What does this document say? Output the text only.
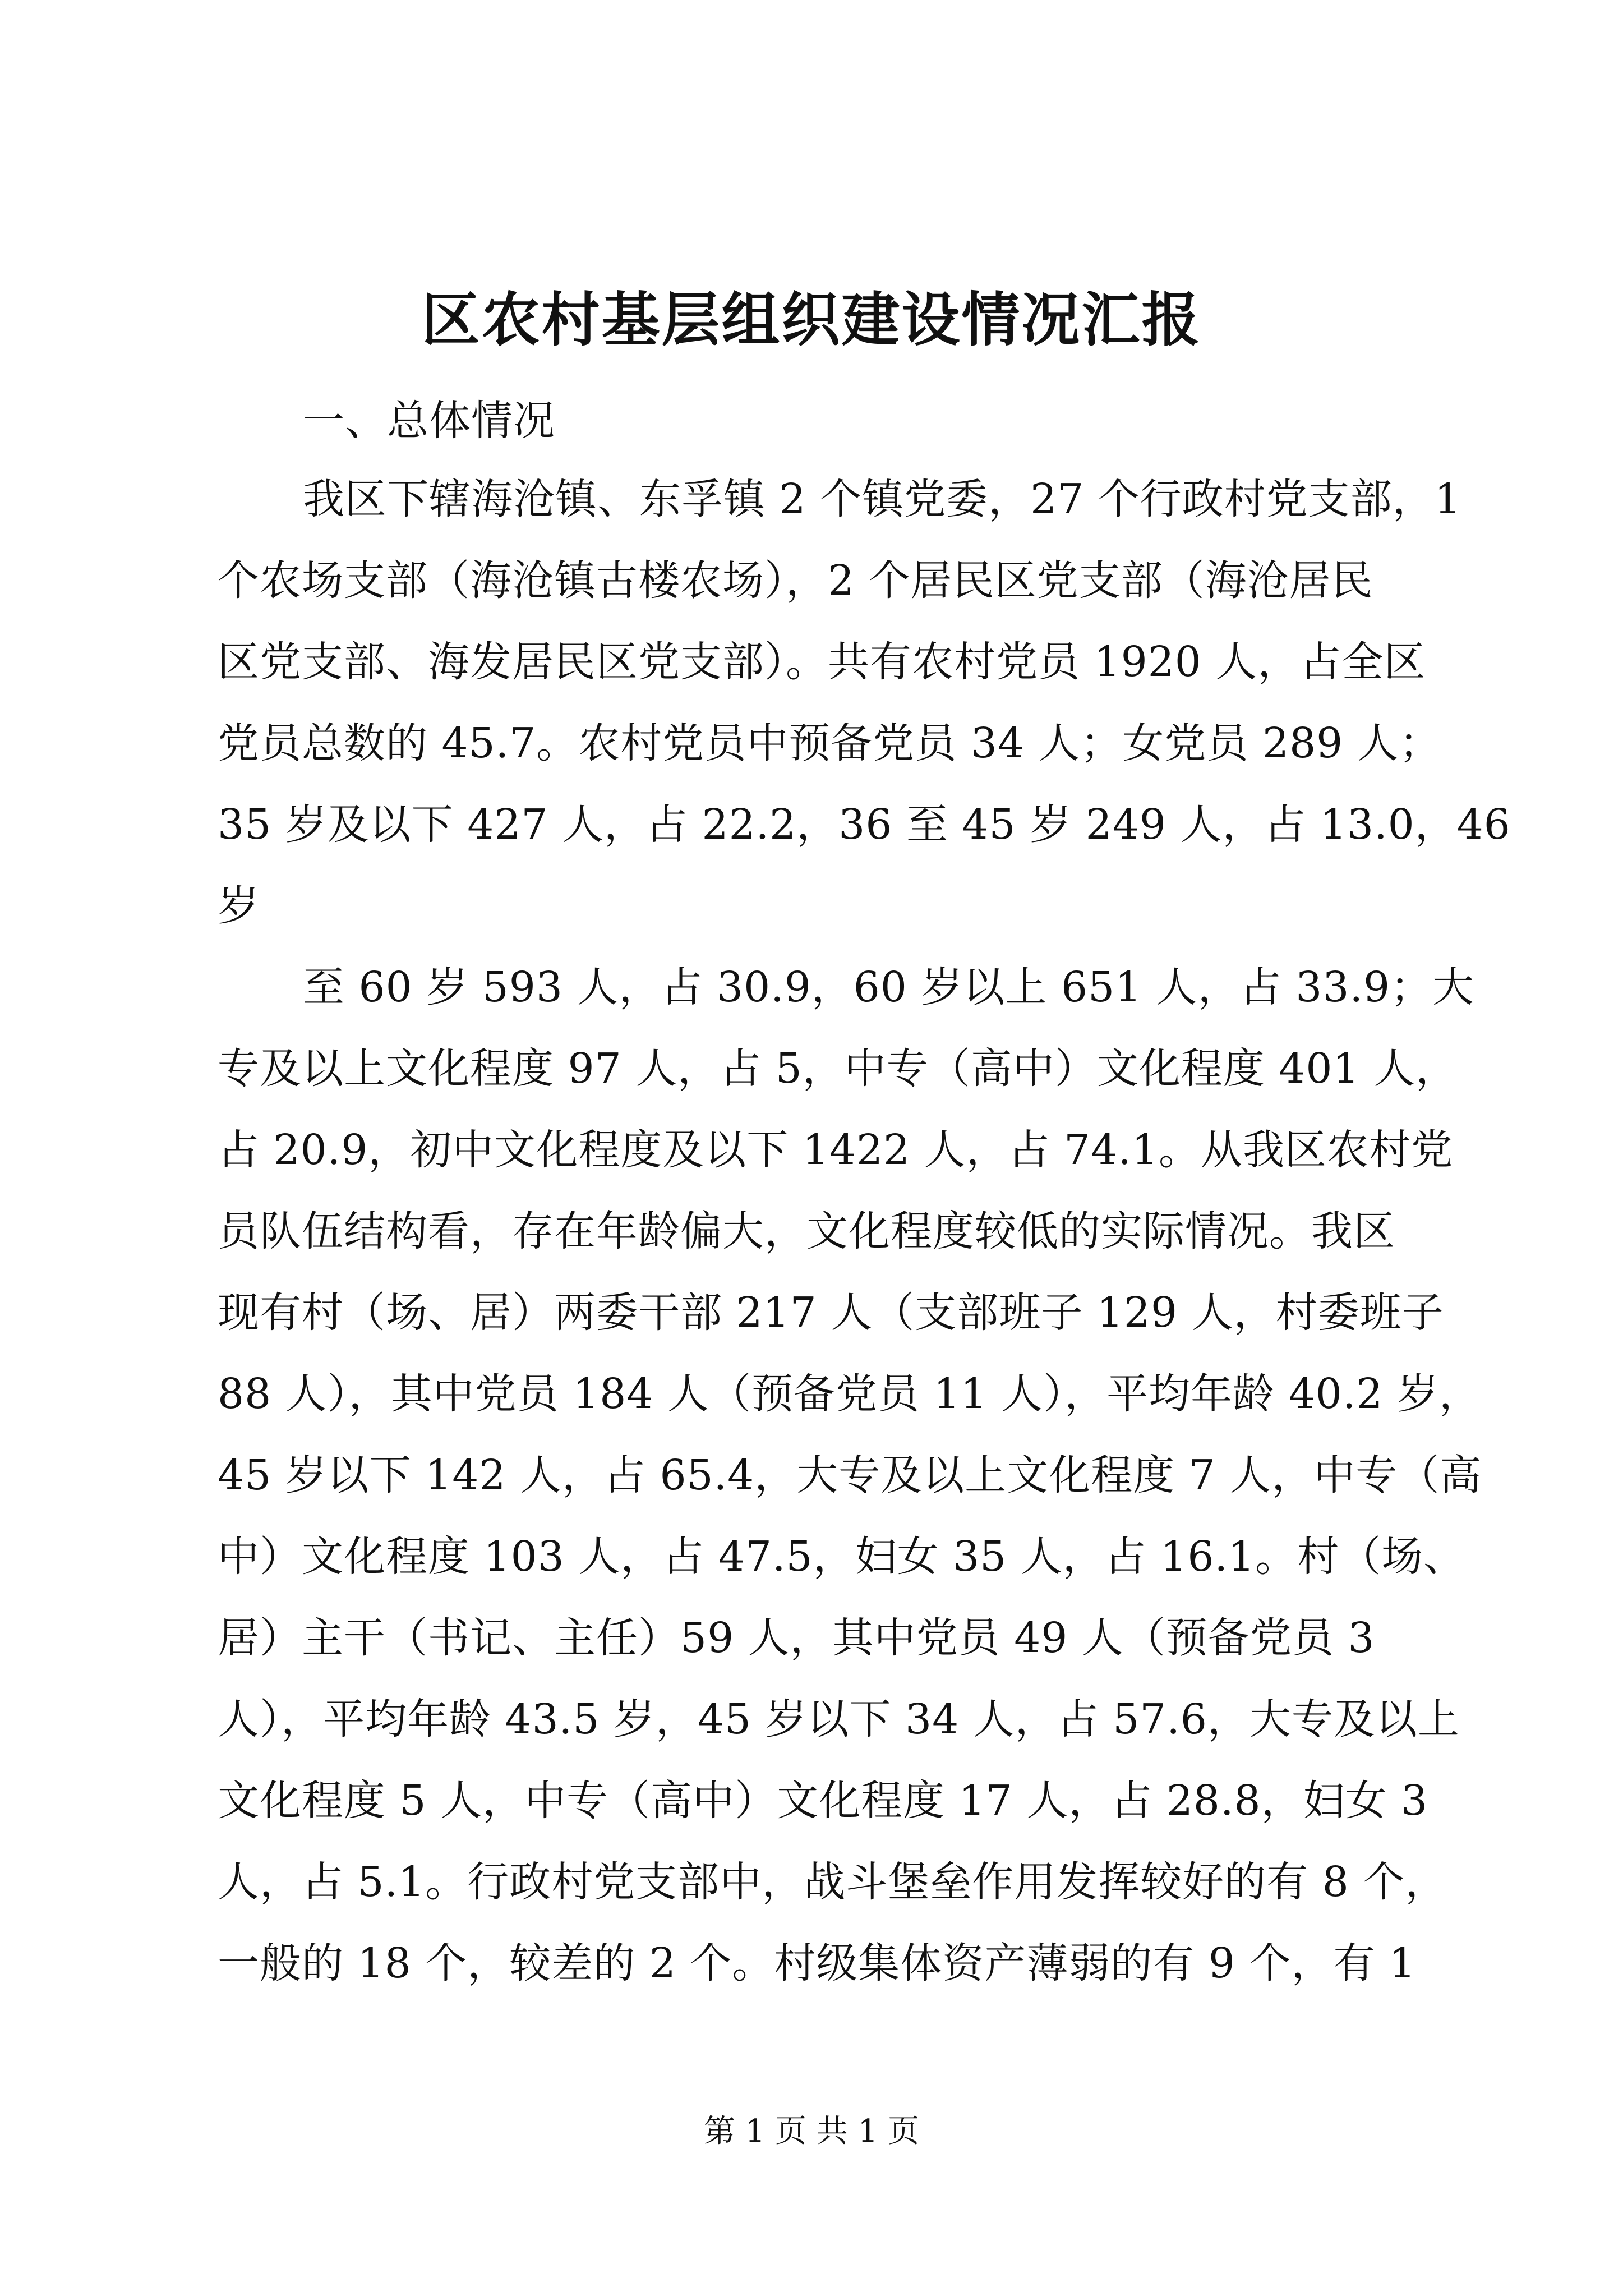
区农村基层组织建设情况汇报

一、总体情况

我区下辖海沧镇、东孚镇 2 个镇党委，27 个行政村党支部，1

个农场支部（海沧镇古楼农场），2 个居民区党支部（海沧居民

区党支部、海发居民区党支部）。共有农村党员 1920 人，占全区

党员总数的 45.7。农村党员中预备党员 34 人；女党员 289 人；

35 岁及以下 427 人，占 22.2，36 至 45 岁 249 人，占 13.0，46

岁

至 60 岁 593 人，占 30.9，60 岁以上 651 人，占 33.9；大

专及以上文化程度 97 人，占 5，中专（高中）文化程度 401 人，

占 20.9，初中文化程度及以下 1422 人，占 74.1。从我区农村党

员队伍结构看，存在年龄偏大，文化程度较低的实际情况。我区

现有村（场、居）两委干部 217 人（支部班子 129 人，村委班子

88 人），其中党员 184 人（预备党员 11 人），平均年龄 40.2 岁，

45 岁以下 142 人，占 65.4，大专及以上文化程度 7 人，中专（高

中）文化程度 103 人，占 47.5，妇女 35 人，占 16.1。村（场、

居）主干（书记、主任）59 人，其中党员 49 人（预备党员 3

人），平均年龄 43.5 岁，45 岁以下 34 人，占 57.6，大专及以上

文化程度 5 人，中专（高中）文化程度 17 人，占 28.8，妇女 3

人，占 5.1。行政村党支部中，战斗堡垒作用发挥较好的有 8 个，

一般的 18 个，较差的 2 个。村级集体资产薄弱的有 9 个，有 1

第 1 页 共 1 页
